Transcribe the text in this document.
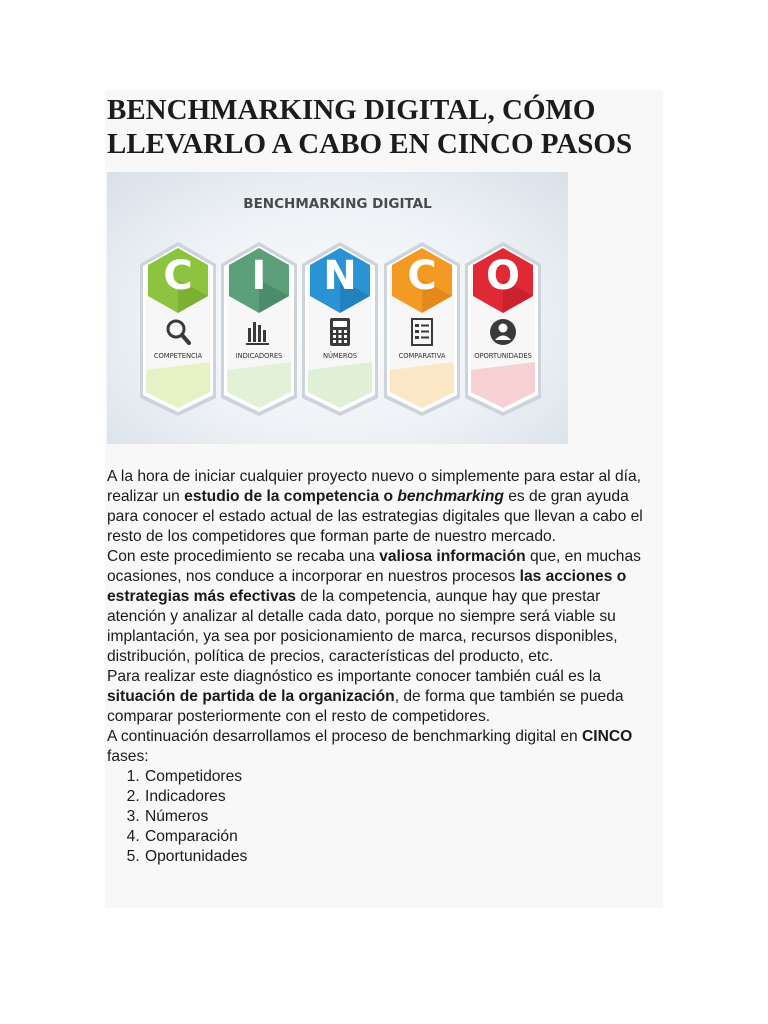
BENCHMARKING DIGITAL, CÓMO LLEVARLO A CABO EN CINCO PASOS
BENCHMARKING DIGITAL
C
COMPETENCIA
I
INDICADORES
N
NÚMEROS
C
COMPARATIVA
O
OPORTUNIDADES

A la hora de iniciar cualquier proyecto nuevo o simplemente para estar al día, realizar un estudio de la competencia o benchmarking es de gran ayuda para conocer el estado actual de las estrategias digitales que llevan a cabo el resto de los competidores que forman parte de nuestro mercado.

Con este procedimiento se recaba una valiosa información que, en muchas ocasiones, nos conduce a incorporar en nuestros procesos las acciones o estrategias más efectivas de la competencia, aunque hay que prestar atención y analizar al detalle cada dato, porque no siempre será viable su implantación, ya sea por posicionamiento de marca, recursos disponibles, distribución, política de precios, características del producto, etc.

Para realizar este diagnóstico es importante conocer también cuál es la situación de partida de la organización, de forma que también se pueda comparar posteriormente con el resto de competidores.

A continuación desarrollamos el proceso de benchmarking digital en CINCO fases:

1. Competidores
2. Indicadores
3. Números
4. Comparación
5. Oportunidades
